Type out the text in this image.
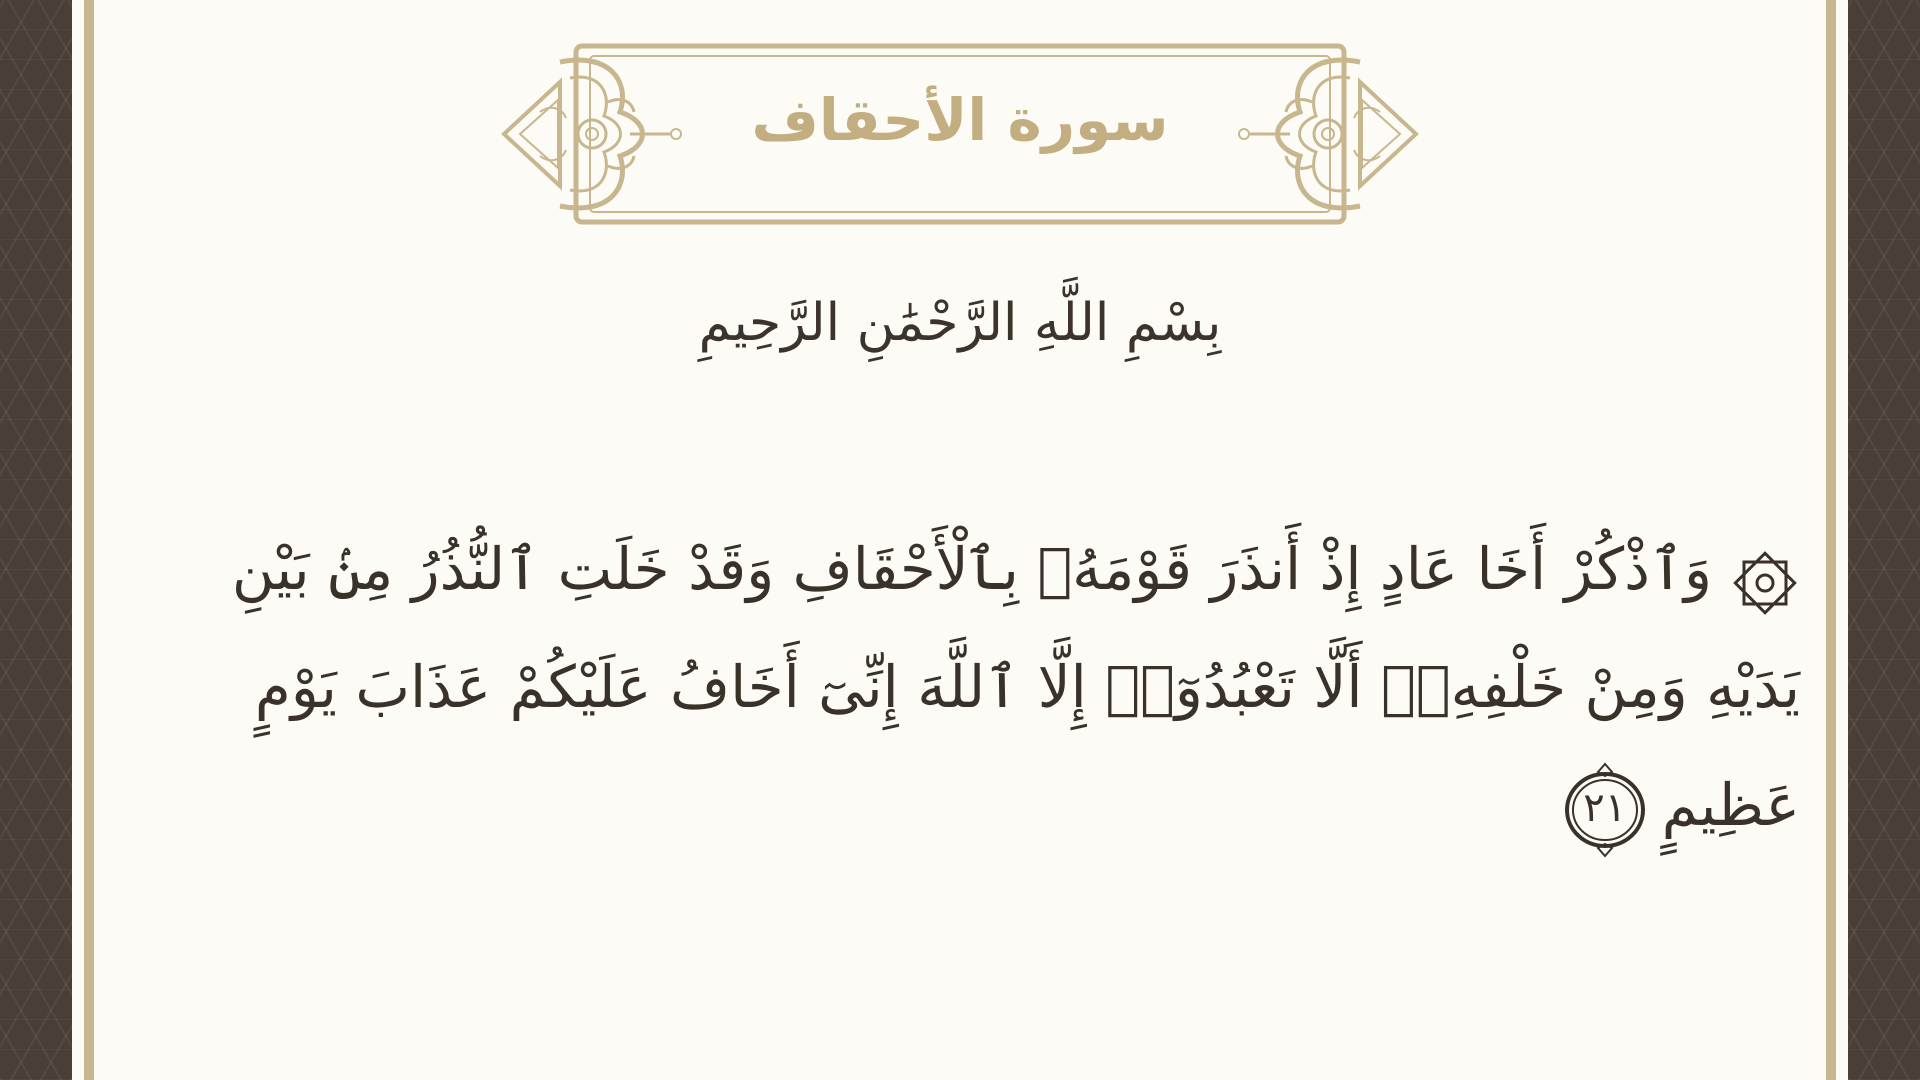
سورة الأحقاف
بِسْمِ اللَّهِ الرَّحْمَٰنِ الرَّحِيمِ
وَٱذْكُرْ أَخَا عَادٍ إِذْ أَنذَرَ قَوْمَهُۥ بِٱلْأَحْقَافِ وَقَدْ خَلَتِ ٱلنُّذُرُ مِنۢ بَيْنِ يَدَيْهِ وَمِنْ خَلْفِهِۦٓ أَلَّا تَعْبُدُوٓا۟ إِلَّا ٱللَّهَ إِنِّىٓ أَخَافُ عَلَيْكُمْ عَذَابَ يَوْمٍ عَظِيمٍ
٢١
